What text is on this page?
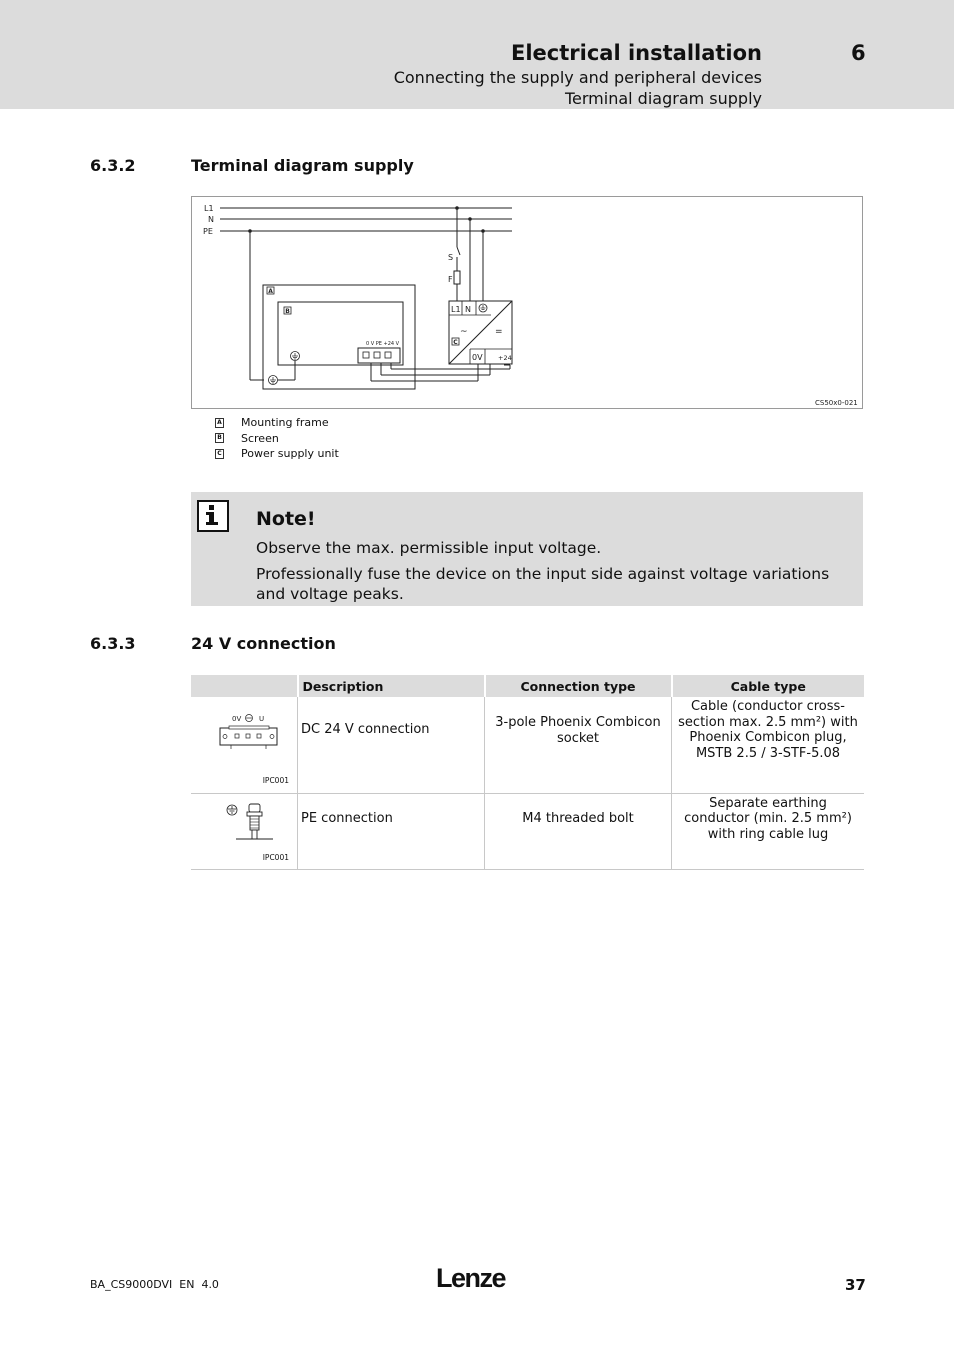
Electrical installation	6
Connecting the supply and peripheral devices
Terminal diagram supply
6.3.2	Terminal diagram supply
L1
N
PE
S
F
A
B
0 V PE +24 V
L1 N
~	=
C
0V +24
CS50x0-021
A Mounting frame
B Screen
C Power supply unit
Note!
Observe the max. permissible input voltage.
Professionally fuse the device on the input side against voltage variations and voltage peaks.
6.3.3	24 V connection
	Description	Connection type	Cable type

0V U
IPC001	DC 24 V connection	3-pole Phoenix Combicon socket	Cable (conductor cross-section max. 2.5 mm²) with Phoenix Combicon plug, MSTB 2.5 / 3-STF-5.08

IPC001	PE connection	M4 threaded bolt	Separate earthing conductor (min. 2.5 mm²) with ring cable lug
BA_CS9000DVI  EN  4.0	Lenze	37
